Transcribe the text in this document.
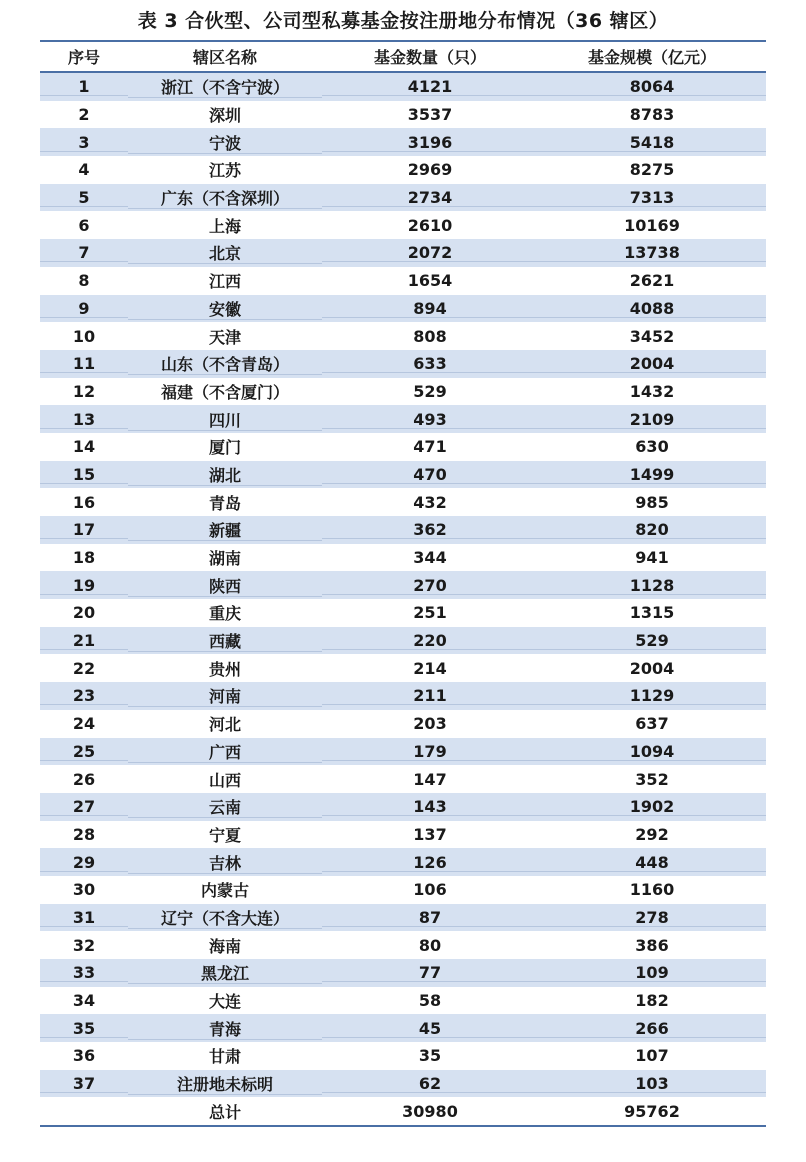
表 3 合伙型、公司型私募基金按注册地分布情况（36 辖区）
序号	辖区名称	基金数量（只）	基金规模（亿元）
1	浙江（不含宁波）	4121	8064
2	深圳	3537	8783
3	宁波	3196	5418
4	江苏	2969	8275
5	广东（不含深圳）	2734	7313
6	上海	2610	10169
7	北京	2072	13738
8	江西	1654	2621
9	安徽	894	4088
10	天津	808	3452
11	山东（不含青岛）	633	2004
12	福建（不含厦门）	529	1432
13	四川	493	2109
14	厦门	471	630
15	湖北	470	1499
16	青岛	432	985
17	新疆	362	820
18	湖南	344	941
19	陕西	270	1128
20	重庆	251	1315
21	西藏	220	529
22	贵州	214	2004
23	河南	211	1129
24	河北	203	637
25	广西	179	1094
26	山西	147	352
27	云南	143	1902
28	宁夏	137	292
29	吉林	126	448
30	内蒙古	106	1160
31	辽宁（不含大连）	87	278
32	海南	80	386
33	黑龙江	77	109
34	大连	58	182
35	青海	45	266
36	甘肃	35	107
37	注册地未标明	62	103
总计	30980	95762
